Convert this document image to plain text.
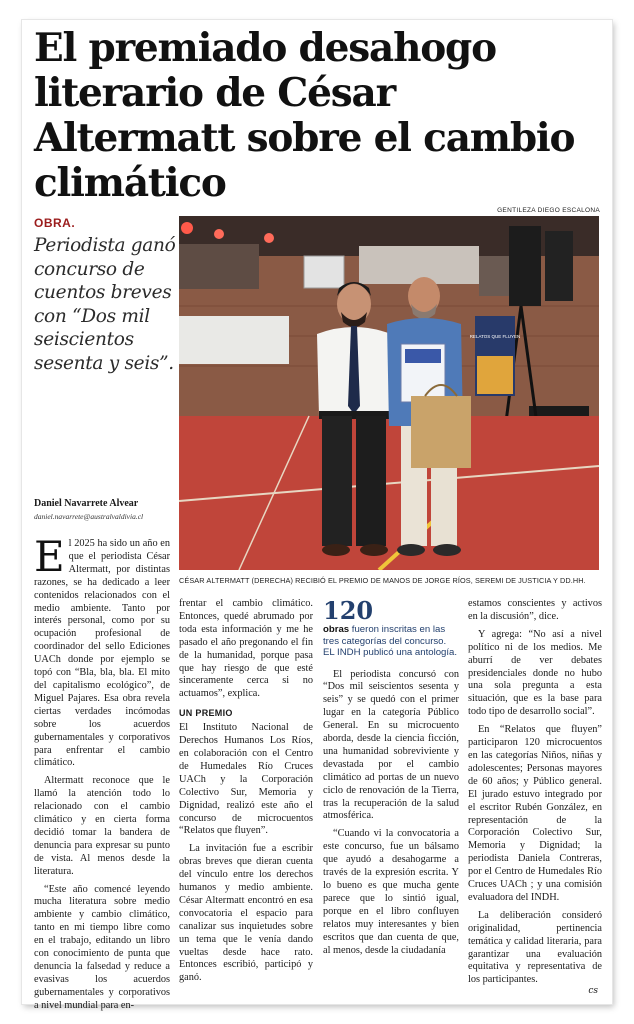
El premiado desahogo literario de César Altermatt sobre el cambio climático
GENTILEZA DIEGO ESCALONA
OBRA.

Periodista ganó concurso de cuentos breves con “Dos mil seiscientos sesenta y seis”.

Daniel Navarrete Alvear
daniel.navarrete@australvaldivia.cl
RELATOS QUE FLUYEN
CÉSAR ALTERMATT (DERECHA) RECIBIÓ EL PREMIO DE MANOS DE JORGE RÍOS, SEREMI DE JUSTICIA Y DD.HH.

El 2025 ha sido un año en que el periodista César Altermatt, por distintas razones, se ha dedicado a leer contenidos relacionados con el medio ambiente. Tanto por interés personal, como por su ocupación profesional de coordinador del sello Ediciones UACh donde por ejemplo se topó con “Bla, bla, bla. El mito del capitalismo ecológico”, de Miguel Pajares. Esa obra revela ciertas verdades incómodas sobre los acuerdos gubernamentales y corporativos para enfrentar el cambio climático.

Altermatt reconoce que le llamó la atención todo lo relacionado con el cambio climático y en cierta forma decidió tomar la bandera de denuncia para expresar su punto de vista. Al menos desde la literatura.

“Este año comencé leyendo mucha literatura sobre medio ambiente y cambio climático, tanto en mi tiempo libre como en el trabajo, editando un libro con conocimiento de punta que denuncia la falsedad y reduce a evasivas los acuerdos gubernamentales y corporativos a nivel mundial para en-

frentar el cambio climático. Entonces, quedé abrumado por toda esta información y me he pasado el año pregonando el fin de la humanidad, porque pasa que hay riesgo de que esté sinceramente cerca si no actuamos”, explica.

UN PREMIO

El Instituto Nacional de Derechos Humanos Los Ríos, en colaboración con el Centro de Humedales Río Cruces UACh y la Corporación Colectivo Sur, Memoria y Dignidad, realizó este año el concurso de microcuentos “Relatos que fluyen”.

La invitación fue a escribir obras breves que dieran cuenta del vínculo entre los derechos humanos y medio ambiente. César Altermatt encontró en esa convocatoria el espacio para canalizar sus inquietudes sobre un tema que le venía dando vueltas desde hace rato. Entonces escribió, participó y ganó.

120
obras fueron inscritas en las tres categorías del concurso. EL INDH publicó una antología.

El periodista concursó con “Dos mil seiscientos sesenta y seis” y se quedó con el primer lugar en la categoría Público General. En su microcuento aborda, desde la ciencia ficción, una humanidad sobreviviente y devastada por el cambio climático ad portas de un nuevo ciclo de renovación de la Tierra, tras la recuperación de la salud atmosférica.

“Cuando vi la convocatoria a este concurso, fue un bálsamo que ayudó a desahogarme a través de la expresión escrita. Y lo bueno es que mucha gente parece que lo sintió igual, porque en el libro confluyen relatos muy interesantes y bien escritos que dan cuenta de que, al menos, desde la ciudadanía

estamos conscientes y activos en la discusión”, dice.

Y agrega: “No así a nivel político ni de los medios. Me aburrí de ver debates presidenciales donde no hubo una sola pregunta a esta situación, que es la base para todo tipo de desarrollo social”.

En “Relatos que fluyen” participaron 120 microcuentos en las categorías Niños, niñas y adolescentes; Personas mayores de 60 años; y Público general. El jurado estuvo integrado por el escritor Rubén González, en representación de la Corporación Colectivo Sur, Memoria y Dignidad; la periodista Daniela Contreras, por el Centro de Humedales Río Cruces UACh ; y una comisión evaluadora del INDH.

La deliberación consideró originalidad, pertinencia temática y calidad literaria, para garantizar una evaluación equitativa y representativa de los participantes.

cs
